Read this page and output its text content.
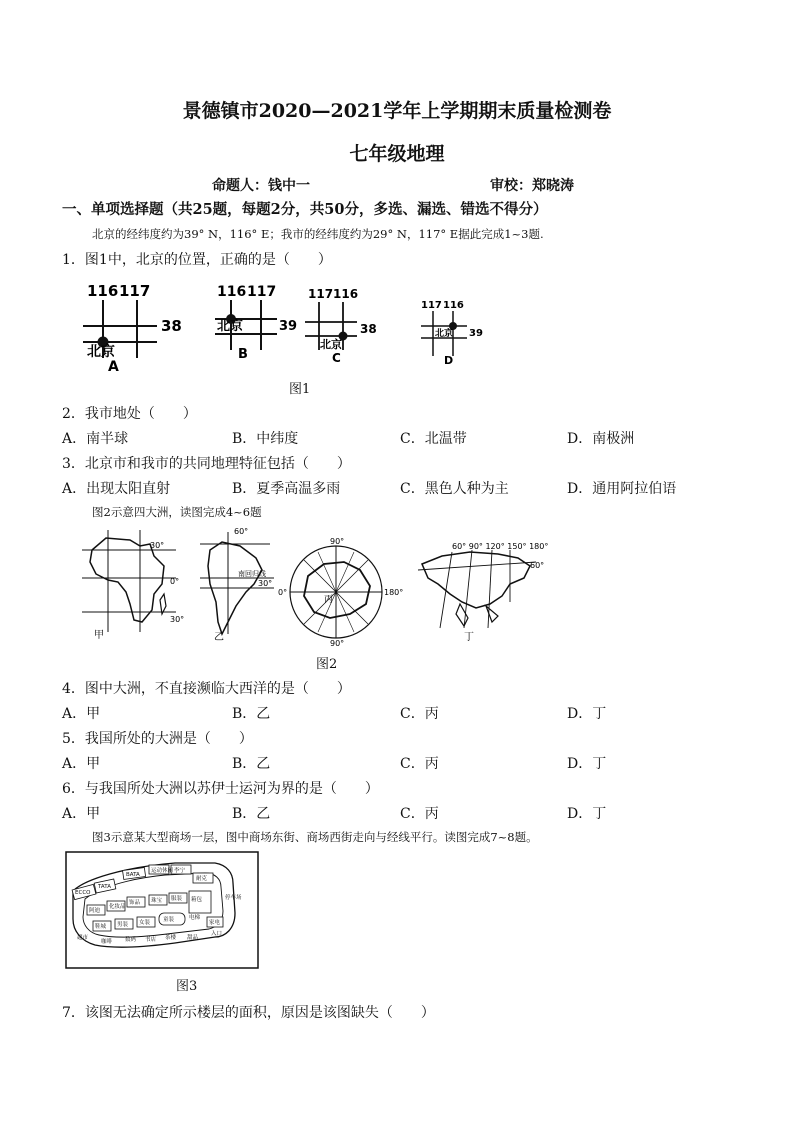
景德镇市2020—2021学年上学期期末质量检测卷
七年级地理
命题人：钱中一	审校：郑晓涛
一、单项选择题（共25题，每题2分，共50分，多选、漏选、错选不得分）
北京的经纬度约为39° N，116° E；我市的经纬度约为29° N，117° E据此完成1~3题.
1．图1中，北京的位置，正确的是（　　）
116 117
38
北京
A
116 117
北京	39
B
117 116
38
北京
C
117 116
北京 39
D
图1
2．我市地处（　　）
A．南半球	B．中纬度	C．北温带	D．南极洲
3．北京市和我市的共同地理特征包括（　　）
A．出现太阳直射	B．夏季高温多雨	C．黑色人种为主	D．通用阿拉伯语
图2示意四大洲，读图完成4~6题
30°
0°
30°
甲
60°
南回归线
30°
乙
90°
0°	180°
90°
丙
60° 90° 120° 150° 180°
60°
丁
图2
4．图中大洲，不直接濒临大西洋的是（　　）
A．甲	B．乙	C．丙	D．丁
5．我国所处的大洲是（　　）
A．甲	B．乙	C．丙	D．丁
6．与我国所处大洲以苏伊士运河为界的是（　　）
A．甲	B．乙	C．丙	D．丁
图3示意某大型商场一层，图中商场东街、商场西街走向与经线平行。读图完成7~8题。
ECCO
TATA
BATA
运动休闲 李宁
耐克
阿迪
化妆品
饰品 珠宝 服装
鞋城 男装 女装 童装
箱包
家电
超市	数码 书店 茶楼
入口
停车场
咖啡
甜品
电梯
图3
7．该图无法确定所示楼层的面积，原因是该图缺失（　　）
